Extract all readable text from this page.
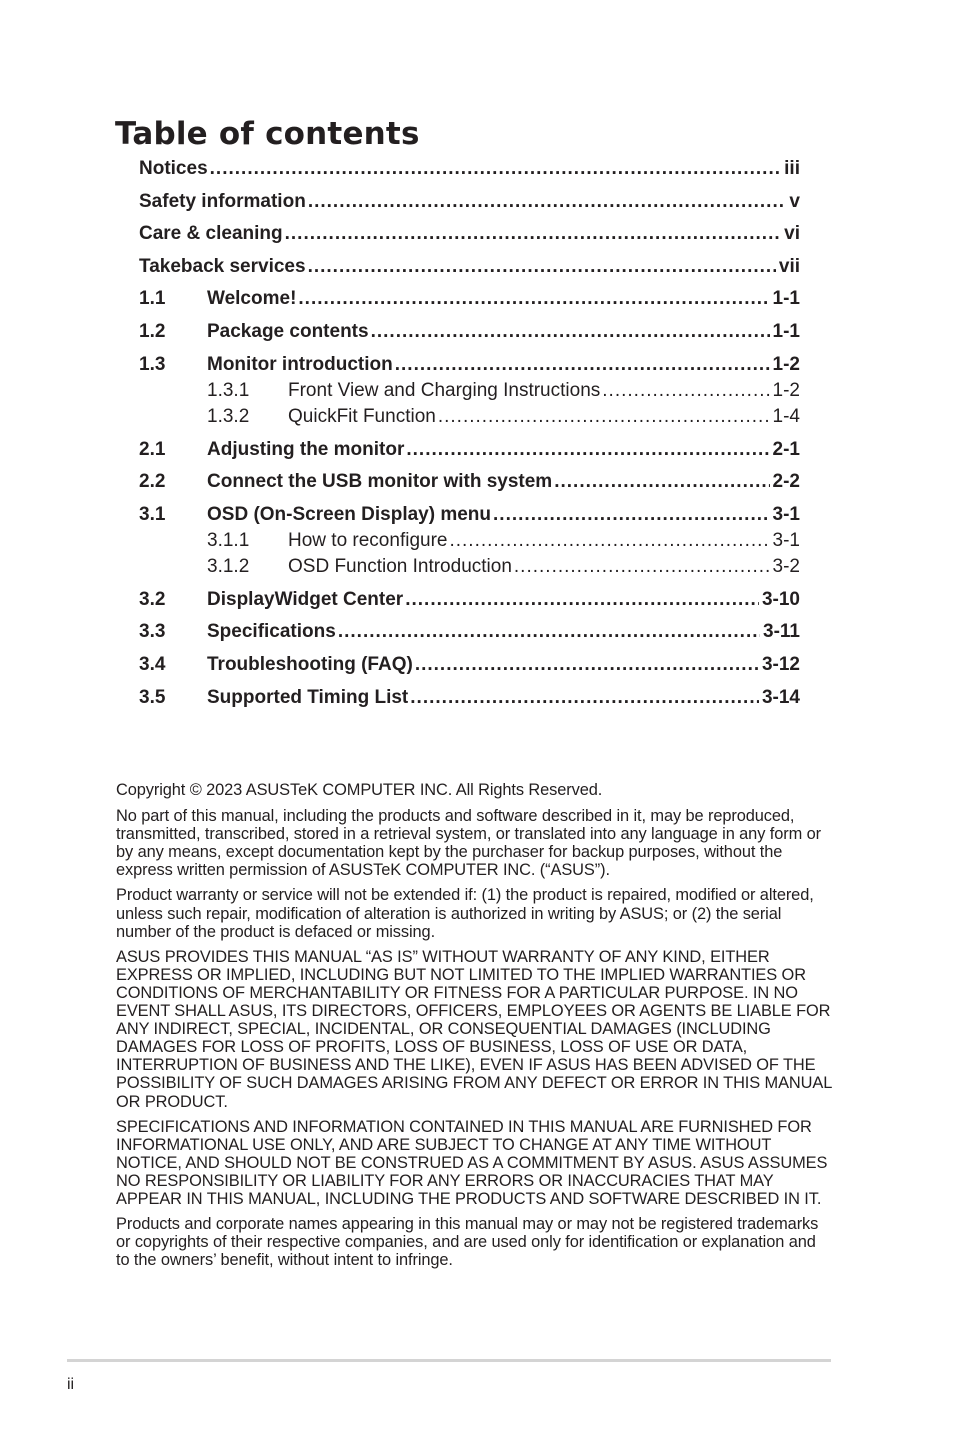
Table of contents
Notices .....	iii
Safety information .....	v
Care & cleaning .....	vi
Takeback services .....	vii
1.1	Welcome! .....	1-1
1.2	Package contents .....	1-1
1.3	Monitor introduction .....	1-2
1.3.1	Front View and Charging Instructions .....	1-2
1.3.2	QuickFit Function .....	1-4
2.1	Adjusting the monitor .....	2-1
2.2	Connect the USB monitor with system .....	2-2
3.1	OSD (On-Screen Display) menu .....	3-1
3.1.1	How to reconfigure .....	3-1
3.1.2	OSD Function Introduction .....	3-2
3.2	DisplayWidget Center .....	3-10
3.3	Specifications .....	3-11
3.4	Troubleshooting (FAQ) .....	3-12
3.5	Supported Timing List .....	3-14

Copyright © 2023 ASUSTeK COMPUTER INC. All Rights Reserved.

No part of this manual, including the products and software described in it, may be reproduced, transmitted, transcribed, stored in a retrieval system, or translated into any language in any form or by any means, except documentation kept by the purchaser for backup purposes, without the express written permission of ASUSTeK COMPUTER INC. (“ASUS”).

Product warranty or service will not be extended if: (1) the product is repaired, modified or altered, unless such repair, modification of alteration is authorized in writing by ASUS; or (2) the serial number of the product is defaced or missing.

ASUS PROVIDES THIS MANUAL “AS IS” WITHOUT WARRANTY OF ANY KIND, EITHER EXPRESS OR IMPLIED, INCLUDING BUT NOT LIMITED TO THE IMPLIED WARRANTIES OR CONDITIONS OF MERCHANTABILITY OR FITNESS FOR A PARTICULAR PURPOSE. IN NO EVENT SHALL ASUS, ITS DIRECTORS, OFFICERS, EMPLOYEES OR AGENTS BE LIABLE FOR ANY INDIRECT, SPECIAL, INCIDENTAL, OR CONSEQUENTIAL DAMAGES (INCLUDING DAMAGES FOR LOSS OF PROFITS, LOSS OF BUSINESS, LOSS OF USE OR DATA, INTERRUPTION OF BUSINESS AND THE LIKE), EVEN IF ASUS HAS BEEN ADVISED OF THE POSSIBILITY OF SUCH DAMAGES ARISING FROM ANY DEFECT OR ERROR IN THIS MANUAL OR PRODUCT.

SPECIFICATIONS AND INFORMATION CONTAINED IN THIS MANUAL ARE FURNISHED FOR INFORMATIONAL USE ONLY, AND ARE SUBJECT TO CHANGE AT ANY TIME WITHOUT NOTICE, AND SHOULD NOT BE CONSTRUED AS A COMMITMENT BY ASUS. ASUS ASSUMES NO RESPONSIBILITY OR LIABILITY FOR ANY ERRORS OR INACCURACIES THAT MAY APPEAR IN THIS MANUAL, INCLUDING THE PRODUCTS AND SOFTWARE DESCRIBED IN IT.

Products and corporate names appearing in this manual may or may not be registered trademarks or copyrights of their respective companies, and are used only for identification or explanation and to the owners’ benefit, without intent to infringe.

ii
